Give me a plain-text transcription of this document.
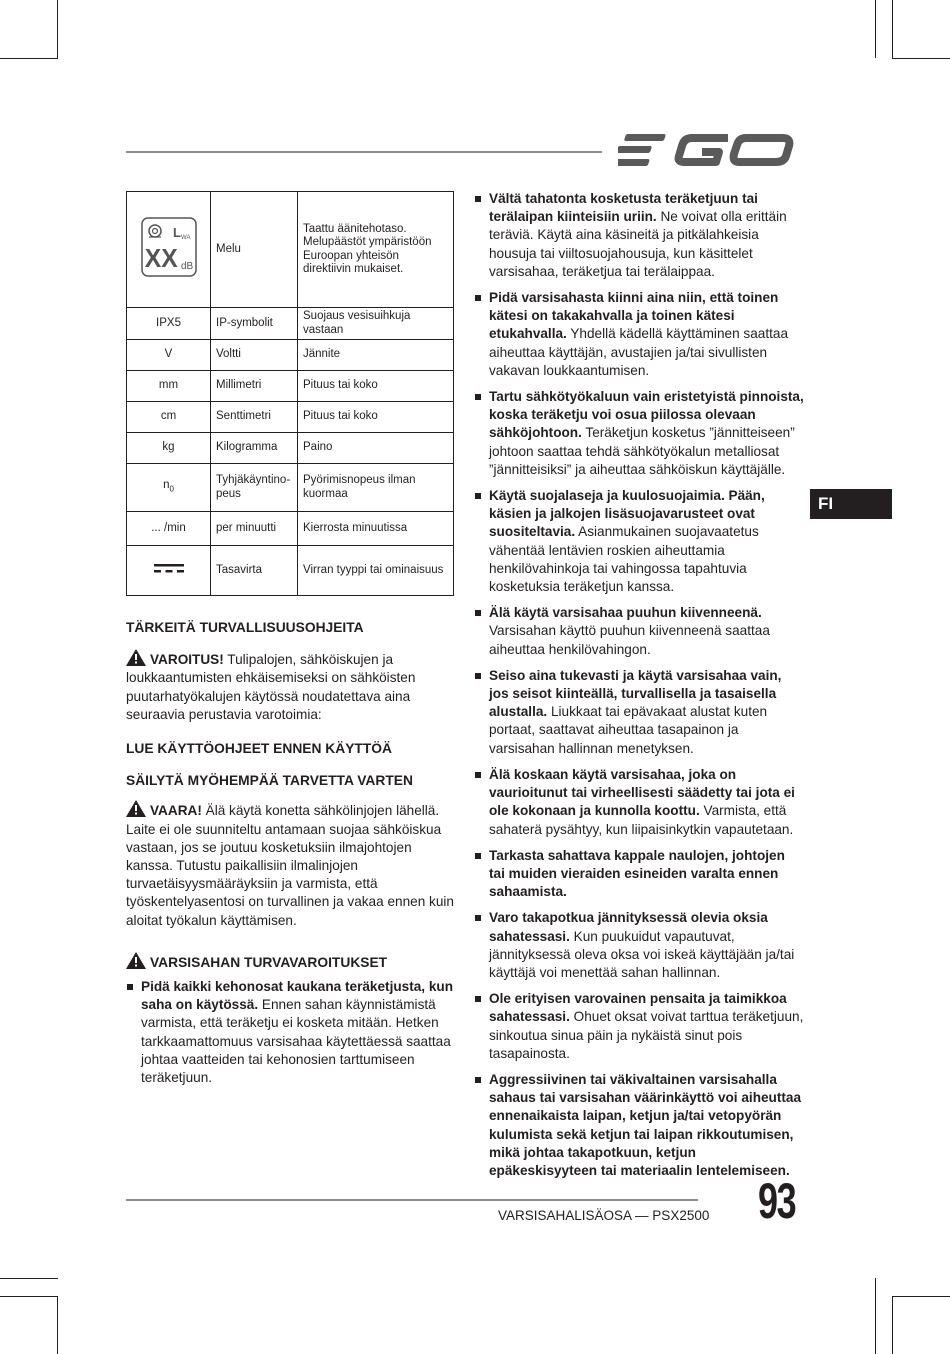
L WA
XX dB	Melu	Taattu äänitehotaso. Melupäästöt ympäristöön Euroopan yhteisön direktiivin mukaiset.
IPX5	IP-symbolit	Suojaus vesisuihkuja vastaan
V	Voltti	Jännite
mm	Millimetri	Pituus tai koko
cm	Senttimetri	Pituus tai koko
kg	Kilogramma	Paino
$n_0$	Tyhjäkäyntino-peus	Pyörimisnopeus ilman kuormaa
... /min	per minuutti	Kierrosta minuutissa
	Tasavirta	Virran tyyppi tai ominaisuus

TÄRKEITÄ TURVALLISUUSOHJEITA

VAROITUS! Tulipalojen, sähköiskujen ja loukkaantumisten ehkäisemiseksi on sähköisten puutarhatyökalujen käytössä noudatettava aina seuraavia perustavia varotoimia:

LUE KÄYTTÖOHJEET ENNEN KÄYTTÖÄ

SÄILYTÄ MYÖHEMPÄÄ TARVETTA VARTEN

VAARA! Älä käytä konetta sähkölinjojen lähellä. Laite ei ole suunniteltu antamaan suojaa sähköiskua vastaan, jos se joutuu kosketuksiin ilmajohtojen kanssa. Tutustu paikallisiin ilmalinjojen turvaetäisyysmääräyksiin ja varmista, että työskentelyasentosi on turvallinen ja vakaa ennen kuin aloitat työkalun käyttämisen.

VARSISAHAN TURVAVAROITUKSET

Pidä kaikki kehonosat kaukana teräketjusta, kun saha on käytössä. Ennen sahan käynnistämistä varmista, että teräketju ei kosketa mitään. Hetken tarkkaamattomuus varsisahaa käytettäessä saattaa johtaa vaatteiden tai kehonosien tarttumiseen teräketjuun.
Vältä tahatonta kosketusta teräketjuun tai terälaipan kiinteisiin uriin. Ne voivat olla erittäin teräviä. Käytä aina käsineitä ja pitkälahkeisia housuja tai viiltosuojahousuja, kun käsittelet varsisahaa, teräketjua tai terälaippaa.
Pidä varsisahasta kiinni aina niin, että toinen kätesi on takakahvalla ja toinen kätesi etukahvalla. Yhdellä kädellä käyttäminen saattaa aiheuttaa käyttäjän, avustajien ja/tai sivullisten vakavan loukkaantumisen.
Tartu sähkötyökaluun vain eristetyistä pinnoista, koska teräketju voi osua piilossa olevaan sähköjohtoon. Teräketjun kosketus ”jännitteiseen” johtoon saattaa tehdä sähkötyökalun metalliosat ”jännitteisiksi” ja aiheuttaa sähköiskun käyttäjälle.
Käytä suojalaseja ja kuulosuojaimia. Pään, käsien ja jalkojen lisäsuojavarusteet ovat suositeltavia. Asianmukainen suojavaatetus vähentää lentävien roskien aiheuttamia henkilövahinkoja tai vahingossa tapahtuvia kosketuksia teräketjun kanssa.
Älä käytä varsisahaa puuhun kiivenneenä. Varsisahan käyttö puuhun kiivenneenä saattaa aiheuttaa henkilövahingon.
Seiso aina tukevasti ja käytä varsisahaa vain, jos seisot kiinteällä, turvallisella ja tasaisella alustalla. Liukkaat tai epävakaat alustat kuten portaat, saattavat aiheuttaa tasapainon ja varsisahan hallinnan menetyksen.
Älä koskaan käytä varsisahaa, joka on vaurioitunut tai virheellisesti säädetty tai jota ei ole kokonaan ja kunnolla koottu. Varmista, että sahaterä pysähtyy, kun liipaisinkytkin vapautetaan.
Tarkasta sahattava kappale naulojen, johtojen tai muiden vieraiden esineiden varalta ennen sahaamista.
Varo takapotkua jännityksessä olevia oksia sahatessasi. Kun puukuidut vapautuvat, jännityksessä oleva oksa voi iskeä käyttäjään ja/tai käyttäjä voi menettää sahan hallinnan.
Ole erityisen varovainen pensaita ja taimikkoa sahatessasi. Ohuet oksat voivat tarttua teräketjuun, sinkoutua sinua päin ja nykäistä sinut pois tasapainosta.
Aggressiivinen tai väkivaltainen varsisahalla sahaus tai varsisahan väärinkäyttö voi aiheuttaa ennenaikaista laipan, ketjun ja/tai vetopyörän kulumista sekä ketjun tai laipan rikkoutumisen, mikä johtaa takapotkuun, ketjun epäkeskisyyteen tai materiaalin lentelemiseen.
FI
VARSISAHALISÄOSA — PSX2500 93
